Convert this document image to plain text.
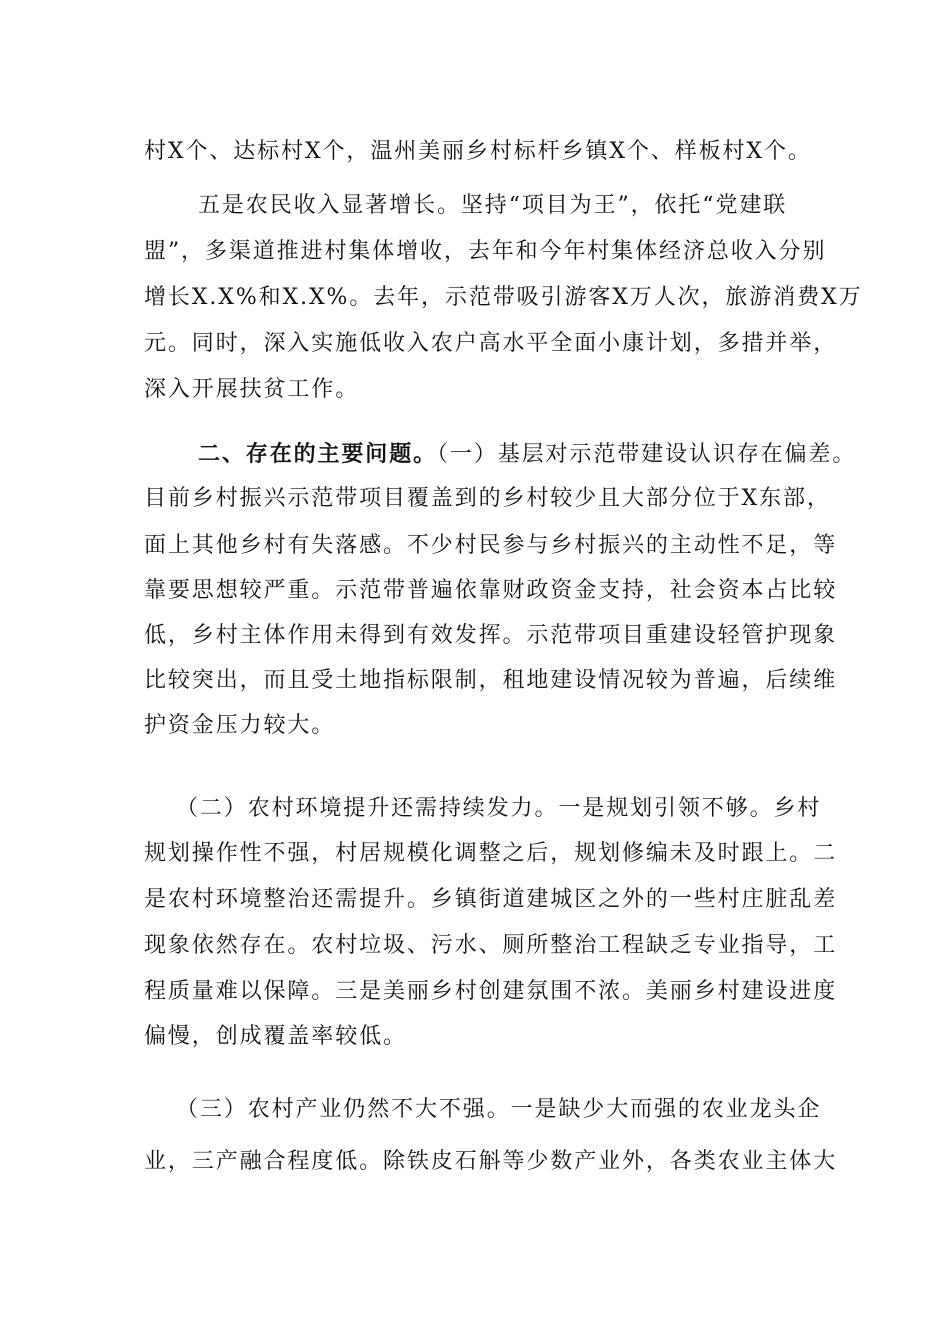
村X个、达标村X个，温州美丽乡村标杆乡镇X个、样板村X个。
五是农民收入显著增长。坚持“项目为王”，依托“党建联
盟”，多渠道推进村集体增收，去年和今年村集体经济总收入分别
增长X.X%和X.X%。去年，示范带吸引游客X万人次，旅游消费X万
元。同时，深入实施低收入农户高水平全面小康计划，多措并举，
深入开展扶贫工作。
二、存在的主要问题。（一）基层对示范带建设认识存在偏差。
目前乡村振兴示范带项目覆盖到的乡村较少且大部分位于X东部，
面上其他乡村有失落感。不少村民参与乡村振兴的主动性不足，等
靠要思想较严重。示范带普遍依靠财政资金支持，社会资本占比较
低，乡村主体作用未得到有效发挥。示范带项目重建设轻管护现象
比较突出，而且受土地指标限制，租地建设情况较为普遍，后续维
护资金压力较大。
（二）农村环境提升还需持续发力。一是规划引领不够。乡村
规划操作性不强，村居规模化调整之后，规划修编未及时跟上。二
是农村环境整治还需提升。乡镇街道建城区之外的一些村庄脏乱差
现象依然存在。农村垃圾、污水、厕所整治工程缺乏专业指导，工
程质量难以保障。三是美丽乡村创建氛围不浓。美丽乡村建设进度
偏慢，创成覆盖率较低。
（三）农村产业仍然不大不强。一是缺少大而强的农业龙头企
业，三产融合程度低。除铁皮石斛等少数产业外，各类农业主体大
